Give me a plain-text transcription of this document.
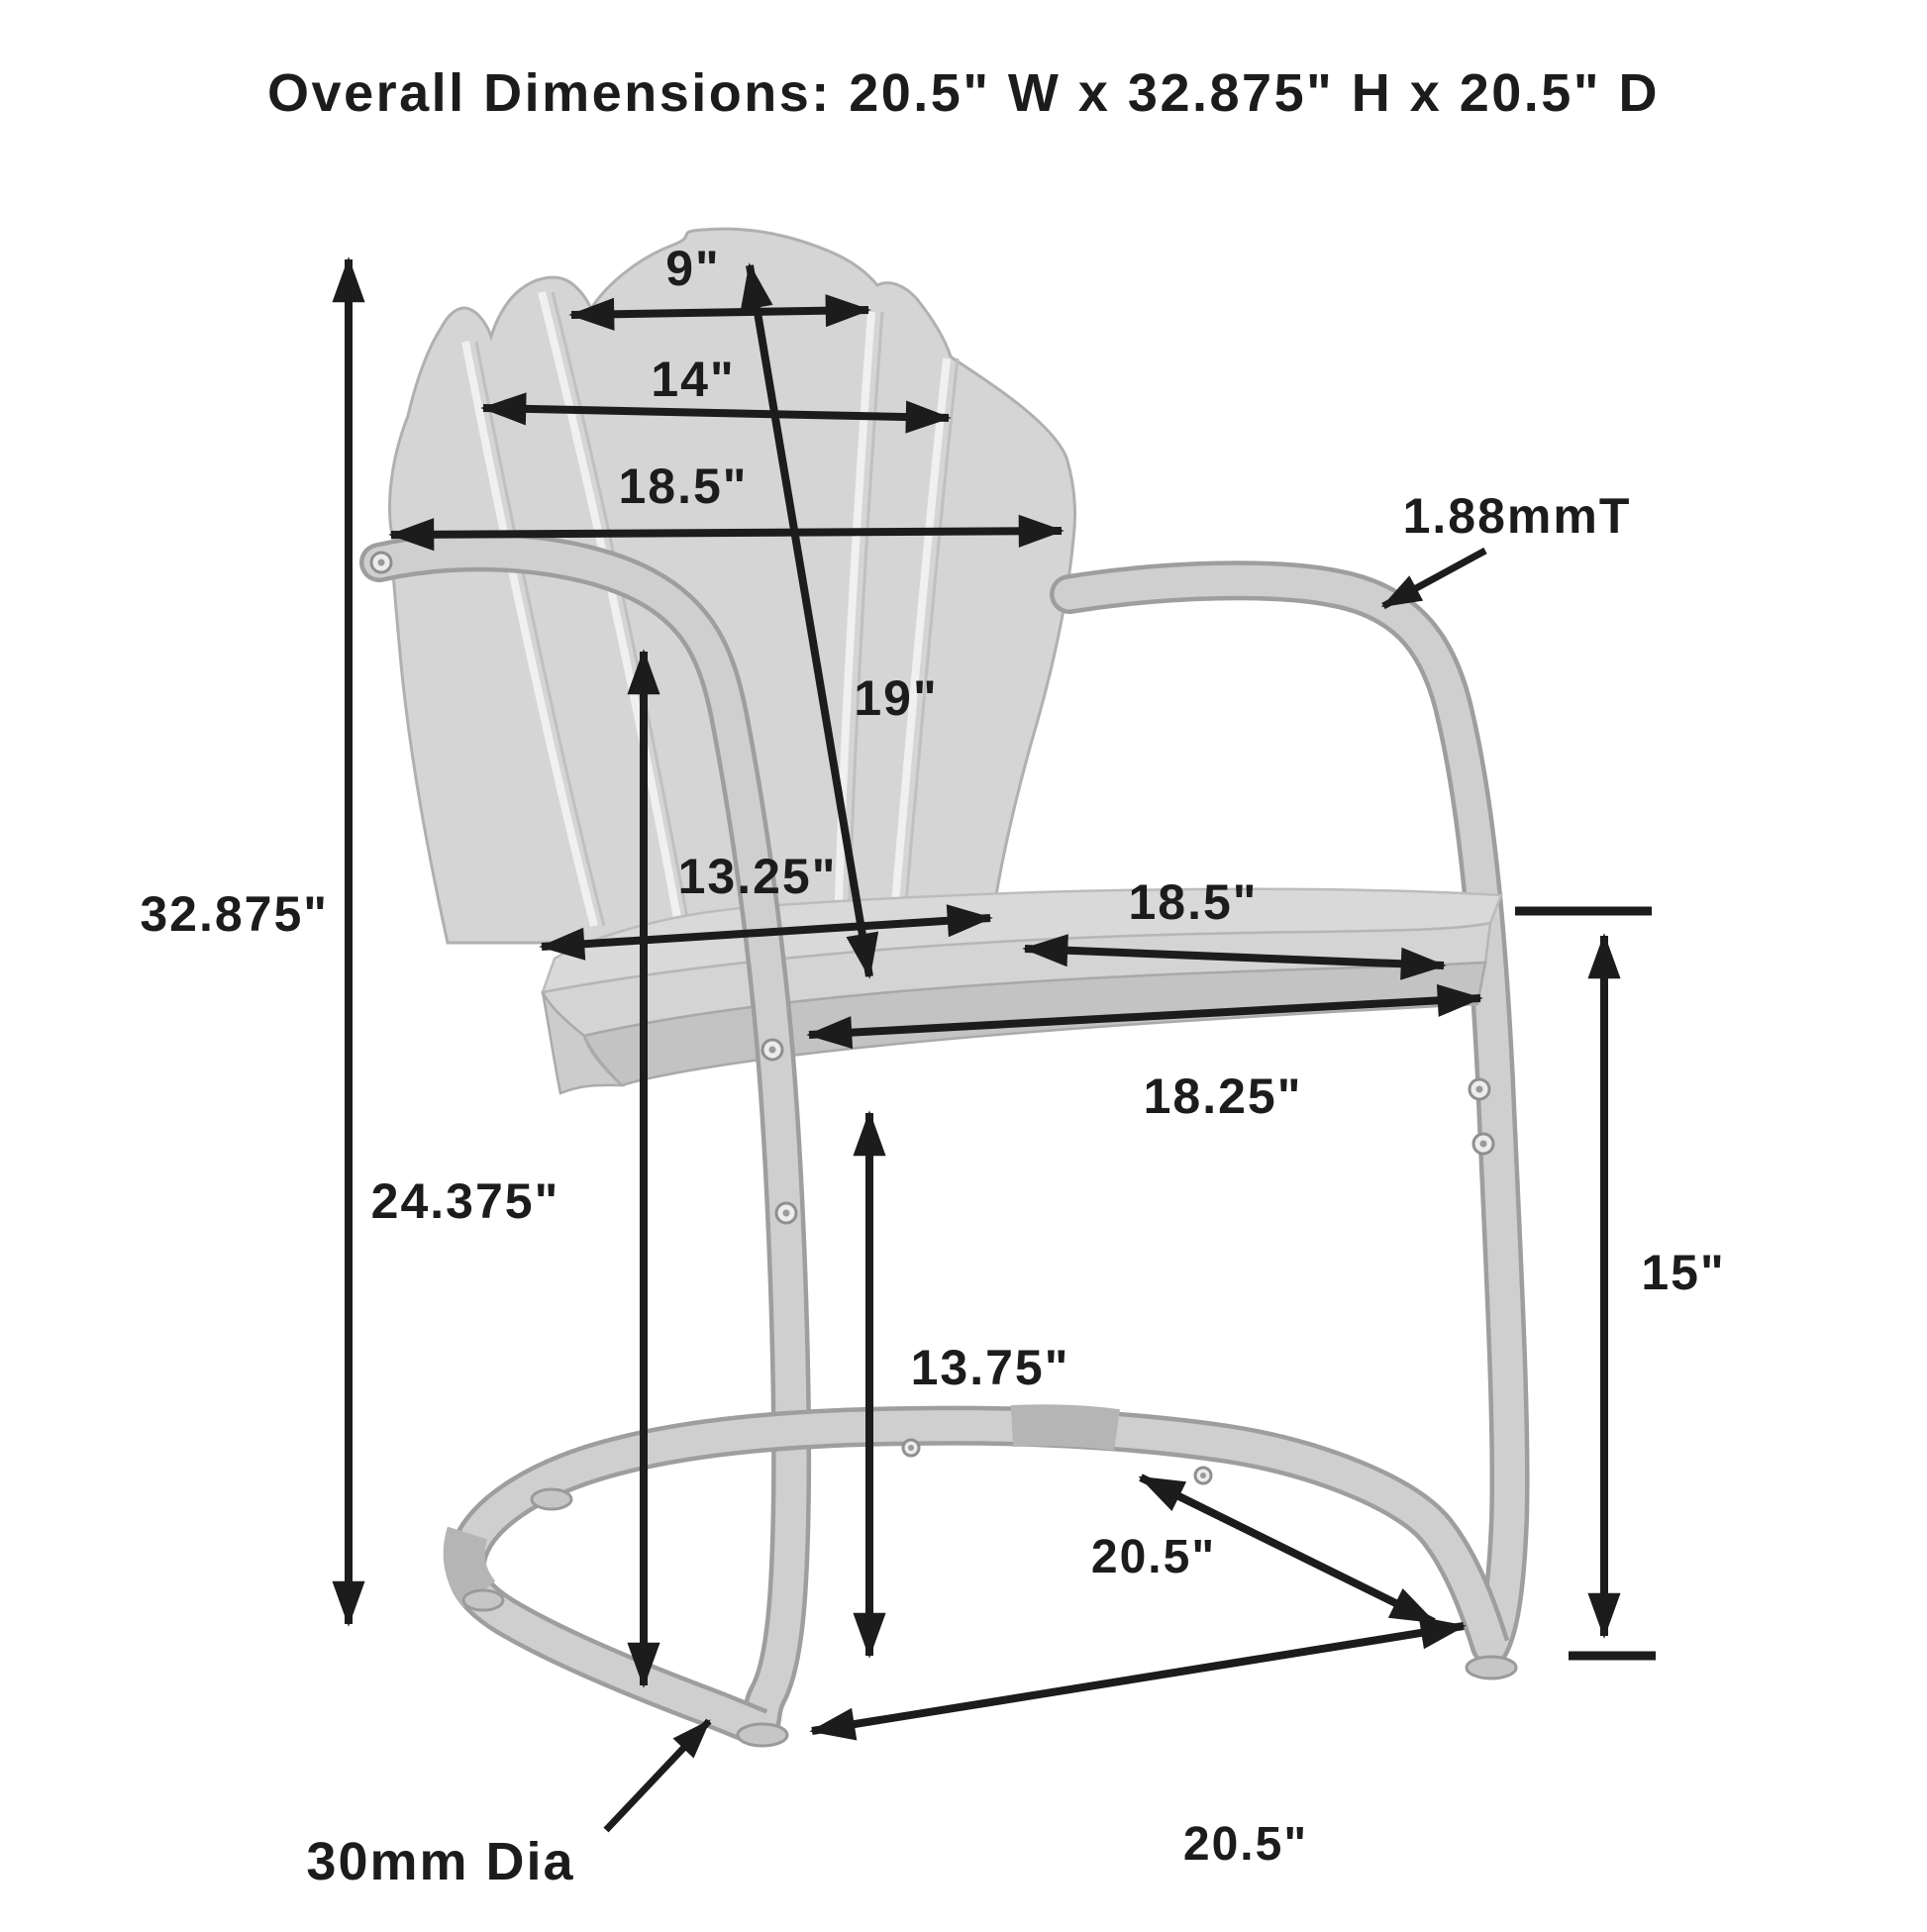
Overall Dimensions: 20.5" W x 32.875" H x 20.5" D
9"
14"
18.5"
19"
13.25"	18.5"
18.25"
32.875"
24.375"
13.75"
15"
20.5"
20.5"
1.88mmT
30mm Dia
